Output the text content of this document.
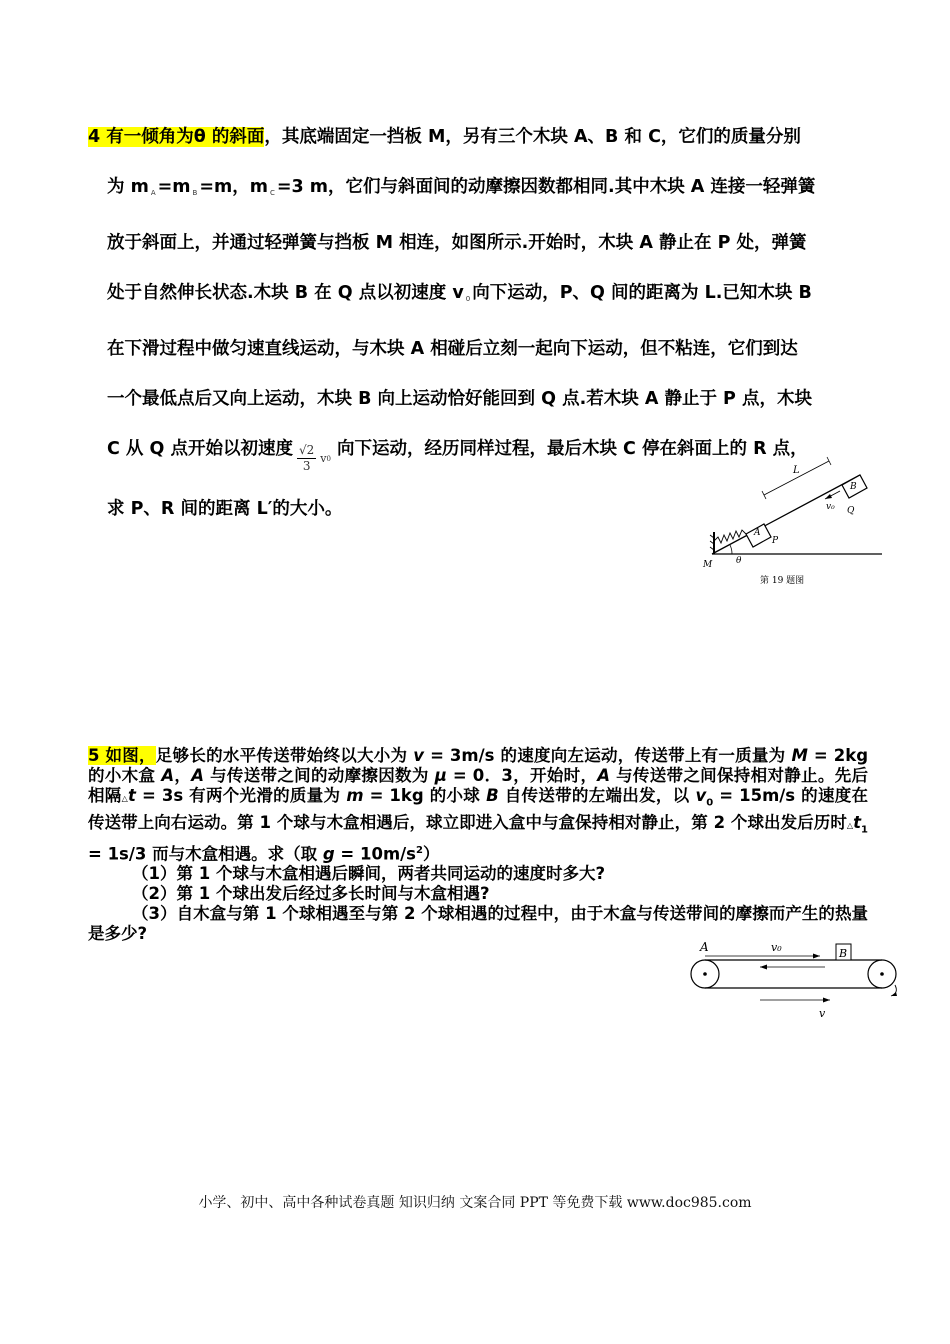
4 有一倾角为θ 的斜面，其底端固定一挡板 M，另有三个木块 A、B 和 C，它们的质量分别
为 m $_A$ =m $_B$ =m，m $_C$ =3 m，它们与斜面间的动摩擦因数都相同.其中木块 A 连接一轻弹簧
放于斜面上，并通过轻弹簧与挡板 M 相连，如图所示.开始时，木块 A 静止在 P 处，弹簧
处于自然伸长状态.木块 B 在 Q 点以初速度 v $_0$ 向下运动，P、Q 间的距离为 L.已知木块 B
在下滑过程中做匀速直线运动，与木块 A 相碰后立刻一起向下运动，但不粘连，它们到达
一个最低点后又向上运动，木块 B 向上运动恰好能回到 Q 点.若木块 A 静止于 P 点，木块
C 从 Q 点开始以初速度 $\frac{√2}{3}$ v 0 向下运动，经历同样过程，最后木块 C 停在斜面上的 R 点，
求 P、R 间的距离 L′的大小。
A
B
L
v₀ Q
P
M	θ
第 19 题图
5 如图，足够长的水平传送带始终以大小为 v = 3m/s 的速度向左运动，传送带上有一质量为 M = 2kg 的小木盒 A，A 与传送带之间的动摩擦因数为 μ = 0．3，开始时，A 与传送带之间保持相对静止。先后相隔△t = 3s 有两个光滑的质量为 m = 1kg 的小球 B 自传送带的左端出发，以 $v_0 = 15m/s$ 的速度在传送带上向右运动。第 1 个球与木盒相遇后，球立即进入盒中与盒保持相对静止，第 2 个球出发后历时$\triangle t_1 = 1s/3$ 而与木盒相遇。求（取 $g = 10m/s^2$）
（1）第 1 个球与木盒相遇后瞬间，两者共同运动的速度时多大?
（2）第 1 个球出发后经过多长时间与木盒相遇?
（3）自木盒与第 1 个球相遇至与第 2 个球相遇的过程中，由于木盒与传送带间的摩擦而产生的热量是多少?
A	v₀	B
v
小学、初中、高中各种试卷真题 知识归纳 文案合同 PPT 等免费下载 www.doc985.com
